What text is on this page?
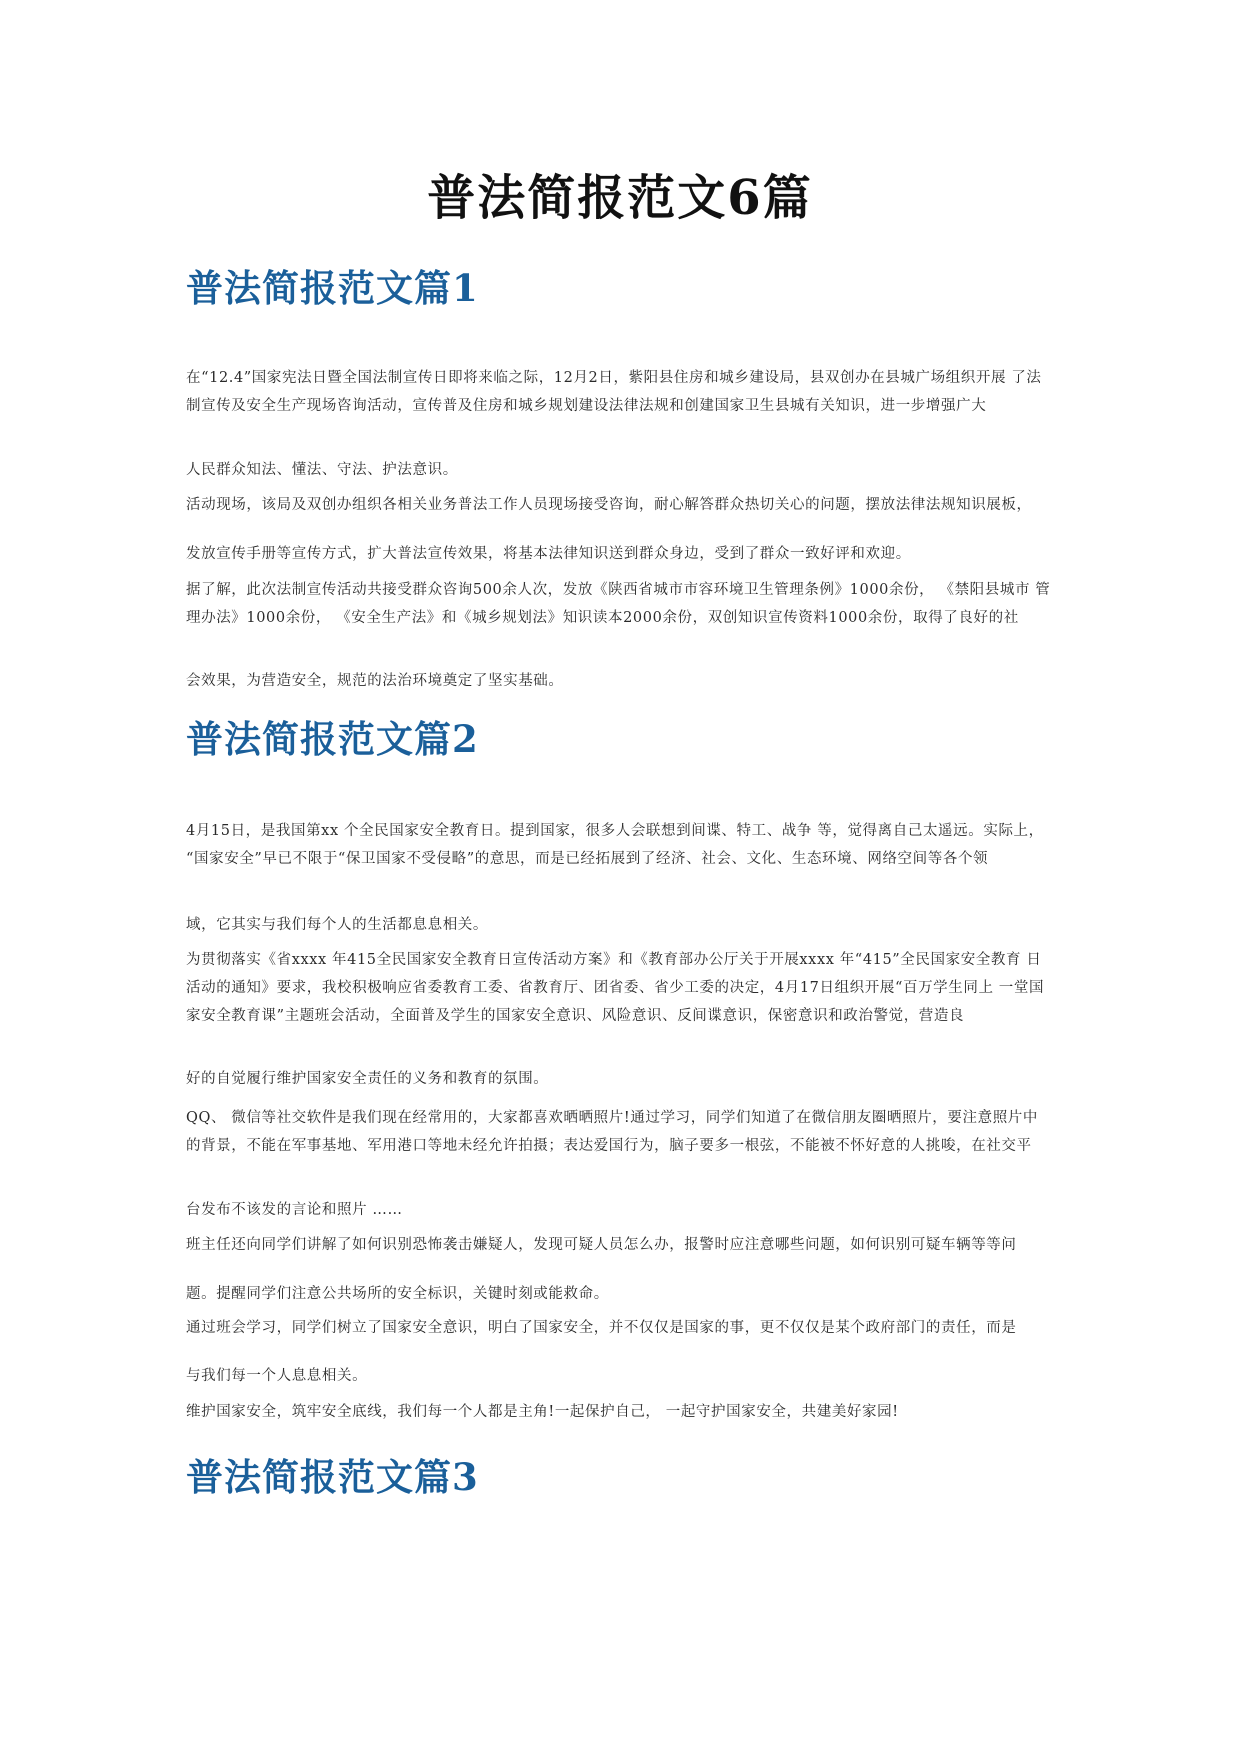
普法简报范文6篇
普法简报范文篇1

在“12.4”国家宪法日暨全国法制宣传日即将来临之际，12月2日，紫阳县住房和城乡建设局，县双创办在县城广场组织开展 了法制宣传及安全生产现场咨询活动，宣传普及住房和城乡规划建设法律法规和创建国家卫生县城有关知识，进一步增强广大

人民群众知法、懂法、守法、护法意识。

活动现场，该局及双创办组织各相关业务普法工作人员现场接受咨询，耐心解答群众热切关心的问题，摆放法律法规知识展板，

发放宣传手册等宣传方式，扩大普法宣传效果，将基本法律知识送到群众身边，受到了群众一致好评和欢迎。

据了解，此次法制宣传活动共接受群众咨询500余人次，发放《陕西省城市市容环境卫生管理条例》1000余份， 《禁阳县城市 管理办法》1000余份， 《安全生产法》和《城乡规划法》知识读本2000余份，双创知识宣传资料1000余份，取得了良好的社

会效果，为营造安全，规范的法治环境奠定了坚实基础。

普法简报范文篇2

4月15日，是我国第xx 个全民国家安全教育日。提到国家，很多人会联想到间谍、特工、战争 等，觉得离自己太遥远。实际上， “国家安全”早已不限于“保卫国家不受侵略”的意思，而是已经拓展到了经济、社会、文化、生态环境、网络空间等各个领

域，它其实与我们每个人的生活都息息相关。

为贯彻落实《省xxxx 年415全民国家安全教育日宣传活动方案》和《教育部办公厅关于开展xxxx 年“415”全民国家安全教育 日活动的通知》要求，我校积极响应省委教育工委、省教育厅、团省委、省少工委的决定，4月17日组织开展“百万学生同上 一堂国家安全教育课”主题班会活动，全面普及学生的国家安全意识、风险意识、反间谍意识，保密意识和政治警觉，营造良

好的自觉履行维护国家安全责任的义务和教育的氛围。

QQ、 微信等社交软件是我们现在经常用的，大家都喜欢晒晒照片!通过学习，同学们知道了在微信朋友圈晒照片，要注意照片中 的背景，不能在军事基地、军用港口等地未经允许拍摄；表达爱国行为，脑子要多一根弦，不能被不怀好意的人挑唆，在社交平

台发布不该发的言论和照片 ……

班主任还向同学们讲解了如何识别恐怖袭击嫌疑人，发现可疑人员怎么办，报警时应注意哪些问题，如何识别可疑车辆等等问

题。提醒同学们注意公共场所的安全标识，关键时刻或能救命。

通过班会学习，同学们树立了国家安全意识，明白了国家安全，并不仅仅是国家的事，更不仅仅是某个政府部门的责任，而是

与我们每一个人息息相关。

维护国家安全，筑牢安全底线，我们每一个人都是主角!一起保护自己， 一起守护国家安全，共建美好家园!

普法简报范文篇3
